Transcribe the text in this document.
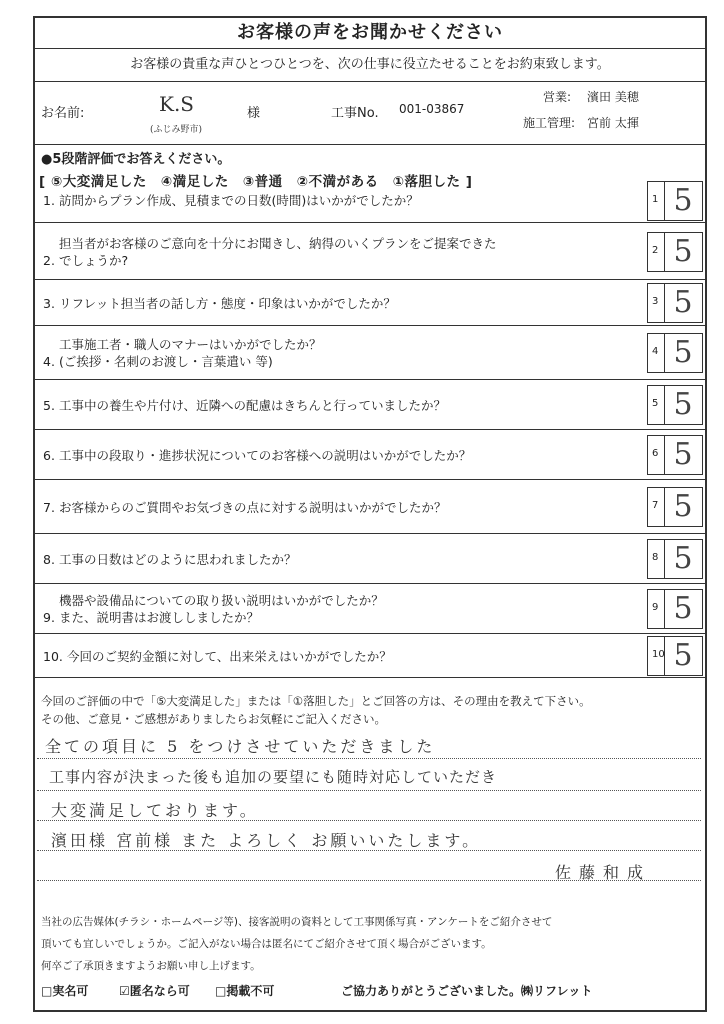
お客様の声をお聞かせください
お客様の貴重な声ひとつひとつを、次の仕事に役立たせることをお約束致します。
お名前:	K.S
(ふじみ野市)
様	工事No. 001-03867
営業: 濱田 美穂
施工管理: 宮前 太揮
●5段階評価でお答えください。
[ ⑤大変満足した　④満足した　③普通　②不満がある　①落胆した ]
1. 訪問からプラン作成、見積までの日数(時間)はいかがでしたか？	1 5
担当者がお客様のご意向を十分にお聞きし、納得のいくプランをご提案できた
2. でしょうか?
2 5
3. リフレット担当者の話し方・態度・印象はいかがでしたか？	3 5
工事施工者・職人のマナーはいかがでしたか？
4. (ご挨拶・名刺のお渡し・言葉遣い 等)
4 5
5. 工事中の養生や片付け、近隣への配慮はきちんと行っていましたか？	5 5
6. 工事中の段取り・進捗状況についてのお客様への説明はいかがでしたか？	6 5
7. お客様からのご質問やお気づきの点に対する説明はいかがでしたか？	7 5
8. 工事の日数はどのように思われましたか？	8 5
機器や設備品についての取り扱い説明はいかがでしたか？
9. また、説明書はお渡ししましたか？
9 5
10. 今回のご契約金額に対して、出来栄えはいかがでしたか？	10 5
今回のご評価の中で「⑤大変満足した」または「①落胆した」とご回答の方は、その理由を教えて下さい。
その他、ご意見・ご感想がありましたらお気軽にご記入ください。
全ての項目に 5 をつけさせていただきました
工事内容が決まった後も追加の要望にも随時対応していただき
大変満足しております。
濱田様 宮前様 また よろしく お願いいたします。
佐藤和成
当社の広告媒体(チラシ・ホームページ等)、接客説明の資料として工事関係写真・アンケートをご紹介させて
頂いても宜しいでしょうか。ご記入がない場合は匿名にてご紹介させて頂く場合がございます。
何卒ご了承頂きますようお願い申し上げます。
□実名可	☑匿名なら可 □掲載不可	ご協力ありがとうございました。㈱リフレット
